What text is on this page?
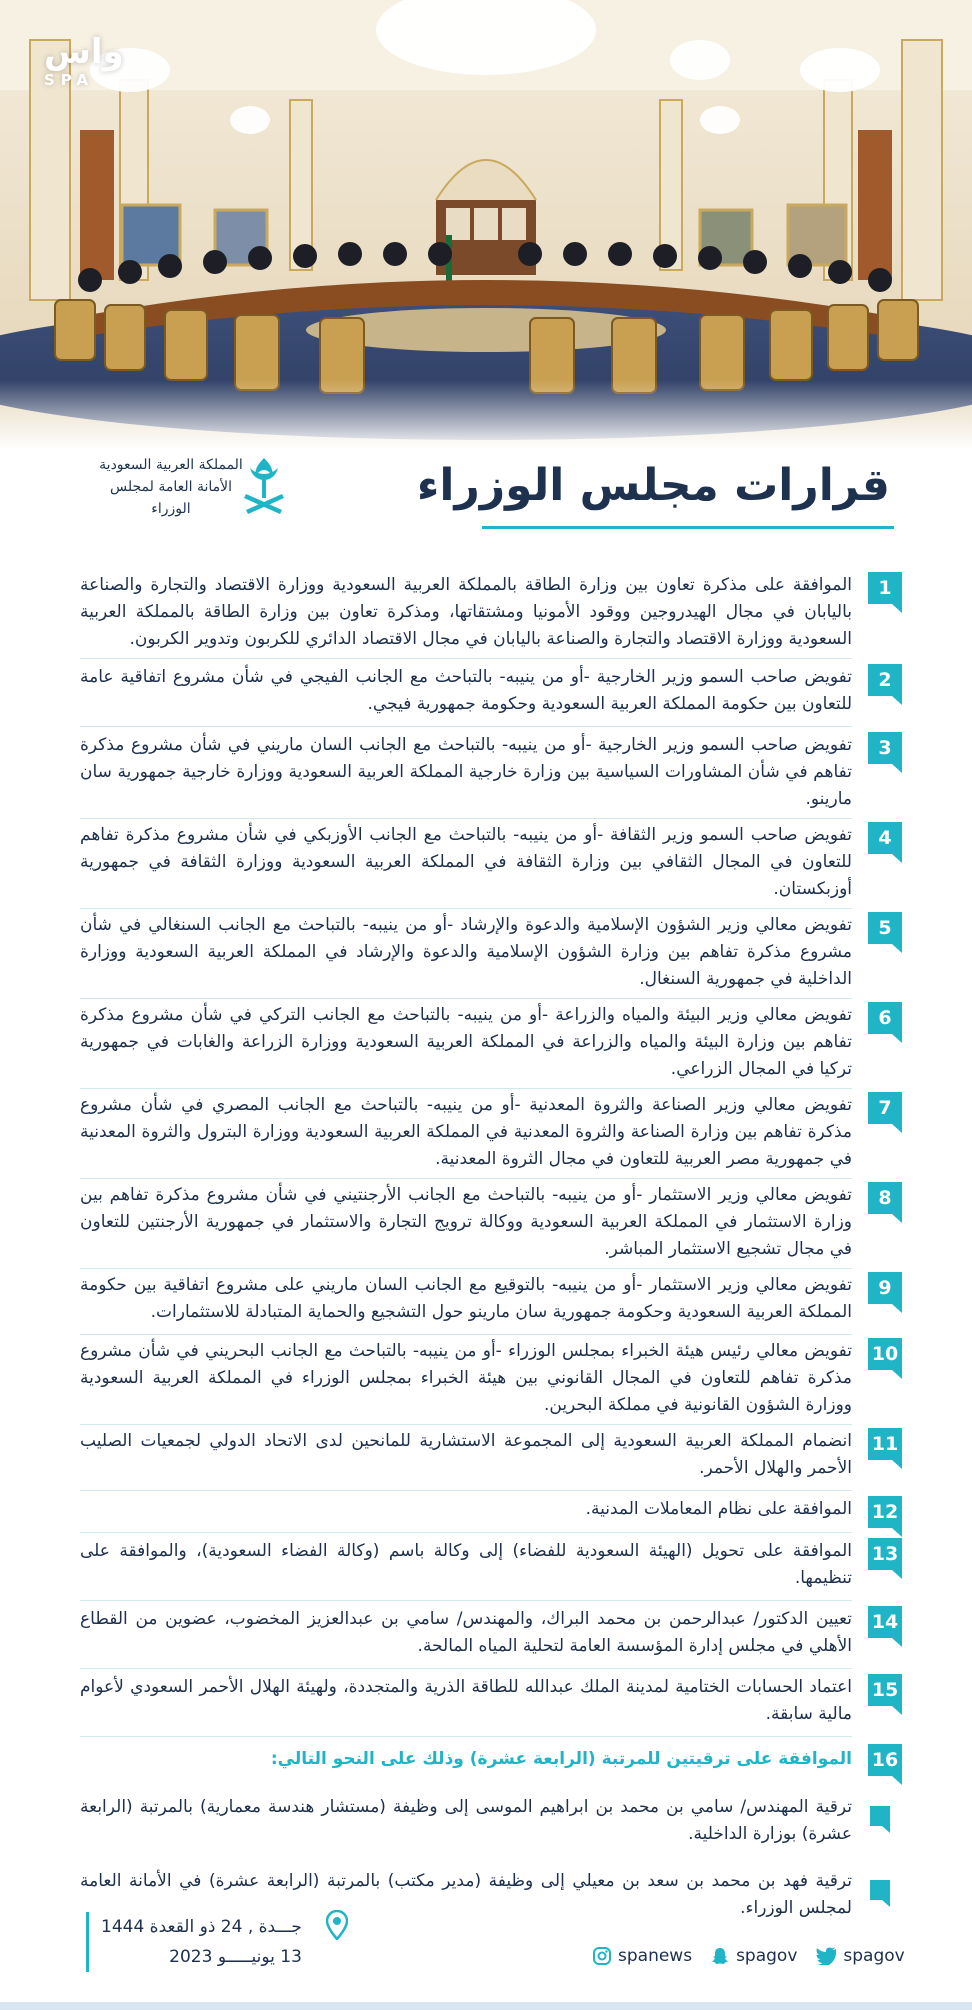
واس
SPA
قرارات مجلس الوزراء
المملكة العربية السعودية
الأمانة العامة لمجلس الوزراء
1
الموافقة على مذكرة تعاون بين وزارة الطاقة بالمملكة العربية السعودية ووزارة الاقتصاد والتجارة والصناعة باليابان في مجال الهيدروجين ووقود الأمونيا ومشتقاتها، ومذكرة تعاون بين وزارة الطاقة بالمملكة العربية السعودية ووزارة الاقتصاد والتجارة والصناعة باليابان في مجال الاقتصاد الدائري للكربون وتدوير الكربون.
2
تفويض صاحب السمو وزير الخارجية -أو من ينيبه- بالتباحث مع الجانب الفيجي في شأن مشروع اتفاقية عامة للتعاون بين حكومة المملكة العربية السعودية وحكومة جمهورية فيجي.
3
تفويض صاحب السمو وزير الخارجية -أو من ينيبه- بالتباحث مع الجانب السان ماريني في شأن مشروع مذكرة تفاهم في شأن المشاورات السياسية بين وزارة خارجية المملكة العربية السعودية ووزارة خارجية جمهورية سان مارينو.
4
تفويض صاحب السمو وزير الثقافة -أو من ينيبه- بالتباحث مع الجانب الأوزبكي في شأن مشروع مذكرة تفاهم للتعاون في المجال الثقافي بين وزارة الثقافة في المملكة العربية السعودية ووزارة الثقافة في جمهورية أوزبكستان.
5
تفويض معالي وزير الشؤون الإسلامية والدعوة والإرشاد -أو من ينيبه- بالتباحث مع الجانب السنغالي في شأن مشروع مذكرة تفاهم بين وزارة الشؤون الإسلامية والدعوة والإرشاد في المملكة العربية السعودية ووزارة الداخلية في جمهورية السنغال.
6
تفويض معالي وزير البيئة والمياه والزراعة -أو من ينيبه- بالتباحث مع الجانب التركي في شأن مشروع مذكرة تفاهم بين وزارة البيئة والمياه والزراعة في المملكة العربية السعودية ووزارة الزراعة والغابات في جمهورية تركيا في المجال الزراعي.
7
تفويض معالي وزير الصناعة والثروة المعدنية -أو من ينيبه- بالتباحث مع الجانب المصري في شأن مشروع مذكرة تفاهم بين وزارة الصناعة والثروة المعدنية في المملكة العربية السعودية ووزارة البترول والثروة المعدنية في جمهورية مصر العربية للتعاون في مجال الثروة المعدنية.
8
تفويض معالي وزير الاستثمار -أو من ينيبه- بالتباحث مع الجانب الأرجنتيني في شأن مشروع مذكرة تفاهم بين وزارة الاستثمار في المملكة العربية السعودية ووكالة ترويج التجارة والاستثمار في جمهورية الأرجنتين للتعاون في مجال تشجيع الاستثمار المباشر.
9
تفويض معالي وزير الاستثمار -أو من ينيبه- بالتوقيع مع الجانب السان ماريني على مشروع اتفاقية بين حكومة المملكة العربية السعودية وحكومة جمهورية سان مارينو حول التشجيع والحماية المتبادلة للاستثمارات.
10
تفويض معالي رئيس هيئة الخبراء بمجلس الوزراء -أو من ينيبه- بالتباحث مع الجانب البحريني في شأن مشروع مذكرة تفاهم للتعاون في المجال القانوني بين هيئة الخبراء بمجلس الوزراء في المملكة العربية السعودية ووزارة الشؤون القانونية في مملكة البحرين.
11
انضمام المملكة العربية السعودية إلى المجموعة الاستشارية للمانحين لدى الاتحاد الدولي لجمعيات الصليب الأحمر والهلال الأحمر.
12
الموافقة على نظام المعاملات المدنية.
13
الموافقة على تحويل (الهيئة السعودية للفضاء) إلى وكالة باسم (وكالة الفضاء السعودية)، والموافقة على تنظيمها.
14
تعيين الدكتور/ عبدالرحمن بن محمد البراك، والمهندس/ سامي بن عبدالعزيز المخضوب، عضوين من القطاع الأهلي في مجلس إدارة المؤسسة العامة لتحلية المياه المالحة.
15
اعتماد الحسابات الختامية لمدينة الملك عبدالله للطاقة الذرية والمتجددة، ولهيئة الهلال الأحمر السعودي لأعوام مالية سابقة.
16
الموافقة على ترقيتين للمرتبة (الرابعة عشرة) وذلك على النحو التالي:
ترقية المهندس/ سامي بن محمد بن ابراهيم الموسى إلى وظيفة (مستشار هندسة معمارية) بالمرتبة (الرابعة عشرة) بوزارة الداخلية.
ترقية فهد بن محمد بن سعد بن معيلي إلى وظيفة (مدير مكتب) بالمرتبة (الرابعة عشرة) في الأمانة العامة لمجلس الوزراء.
جـــدة , 24 ذو القعدة 1444
13 يونيـــــو 2023	spanews	spagov	spagov
